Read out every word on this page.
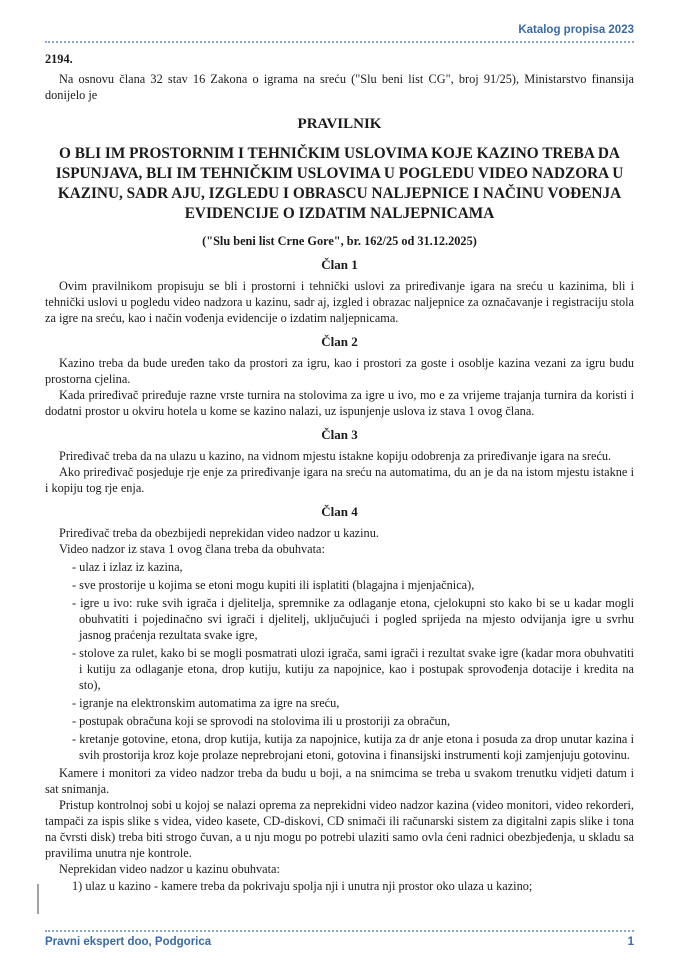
Katalog propisa 2023

2194.

Na osnovu člana 32 stav 16 Zakona o igrama na sreću ("Slu beni list CG", broj 91/25), Ministarstvo finansija donijelo je

PRAVILNIK
O BLI IM PROSTORNIM I TEHNIČKIM USLOVIMA KOJE KAZINO TREBA DA ISPUNJAVA, BLI IM TEHNIČKIM USLOVIMA U POGLEDU VIDEO NADZORA U KAZINU, SADR AJU, IZGLEDU I OBRASCU NALJEPNICE I NAČINU VOĐENJA EVIDENCIJE O IZDATIM NALJEPNICAMA

("Slu beni list Crne Gore", br. 162/25 od 31.12.2025)

Član 1

Ovim pravilnikom propisuju se bli i prostorni i tehnički uslovi za priređivanje igara na sreću u kazinima, bli i tehnički uslovi u pogledu video nadzora u kazinu, sadr aj, izgled i obrazac naljepnice za označavanje i registraciju stola za igre na sreću, kao i način vođenja evidencije o izdatim naljepnicama.

Član 2

Kazino treba da bude uređen tako da prostori za igru, kao i prostori za goste i osoblje kazina vezani za igru budu prostorna cjelina.

Kada priređivač priređuje razne vrste turnira na stolovima za igre u ivo, mo e za vrijeme trajanja turnira da koristi i dodatni prostor u okviru hotela u kome se kazino nalazi, uz ispunjenje uslova iz stava 1 ovog člana.

Član 3

Priređivač treba da na ulazu u kazino, na vidnom mjestu istakne kopiju odobrenja za priređivanje igara na sreću.

Ako priređivač posjeduje rje enje za priređivanje igara na sreću na automatima, du an je da na istom mjestu istakne i i kopiju tog rje enja.

Član 4

Priređivač treba da obezbijedi neprekidan video nadzor u kazinu.

Video nadzor iz stava 1 ovog člana treba da obuhvata:

- ulaz i izlaz iz kazina,

- sve prostorije u kojima se etoni mogu kupiti ili isplatiti (blagajna i mjenjačnica),

- igre u ivo: ruke svih igrača i djelitelja, spremnike za odlaganje etona, cjelokupni sto kako bi se u kadar mogli obuhvatiti i pojedinačno svi igrači i djelitelj, uključujući i pogled sprijeda na mjesto odvijanja igre u svrhu jasnog praćenja rezultata svake igre,

- stolove za rulet, kako bi se mogli posmatrati ulozi igrača, sami igrači i rezultat svake igre (kadar mora obuhvatiti i kutiju za odlaganje etona, drop kutiju, kutiju za napojnice, kao i postupak sprovođenja dotacije i kredita na sto),

- igranje na elektronskim automatima za igre na sreću,

- postupak obračuna koji se sprovodi na stolovima ili u prostoriji za obračun,

- kretanje gotovine, etona, drop kutija, kutija za napojnice, kutija za dr anje etona i posuda za drop unutar kazina i svih prostorija kroz koje prolaze neprebrojani etoni, gotovina i finansijski instrumenti koji zamjenjuju gotovinu.

Kamere i monitori za video nadzor treba da budu u boji, a na snimcima se treba u svakom trenutku vidjeti datum i sat snimanja.

Pristup kontrolnoj sobi u kojoj se nalazi oprema za neprekidni video nadzor kazina (video monitori, video rekorderi, tampači za ispis slike s videa, video kasete, CD-diskovi, CD snimači ili računarski sistem za digitalni zapis slike i tona na čvrsti disk) treba biti strogo čuvan, a u nju mogu po potrebi ulaziti samo ovla ćeni radnici obezbjeđenja, u skladu sa pravilima unutra nje kontrole.

Neprekidan video nadzor u kazinu obuhvata:

1) ulaz u kazino - kamere treba da pokrivaju spolja nji i unutra nji prostor oko ulaza u kazino;

Pravni ekspert doo, Podgorica	1
